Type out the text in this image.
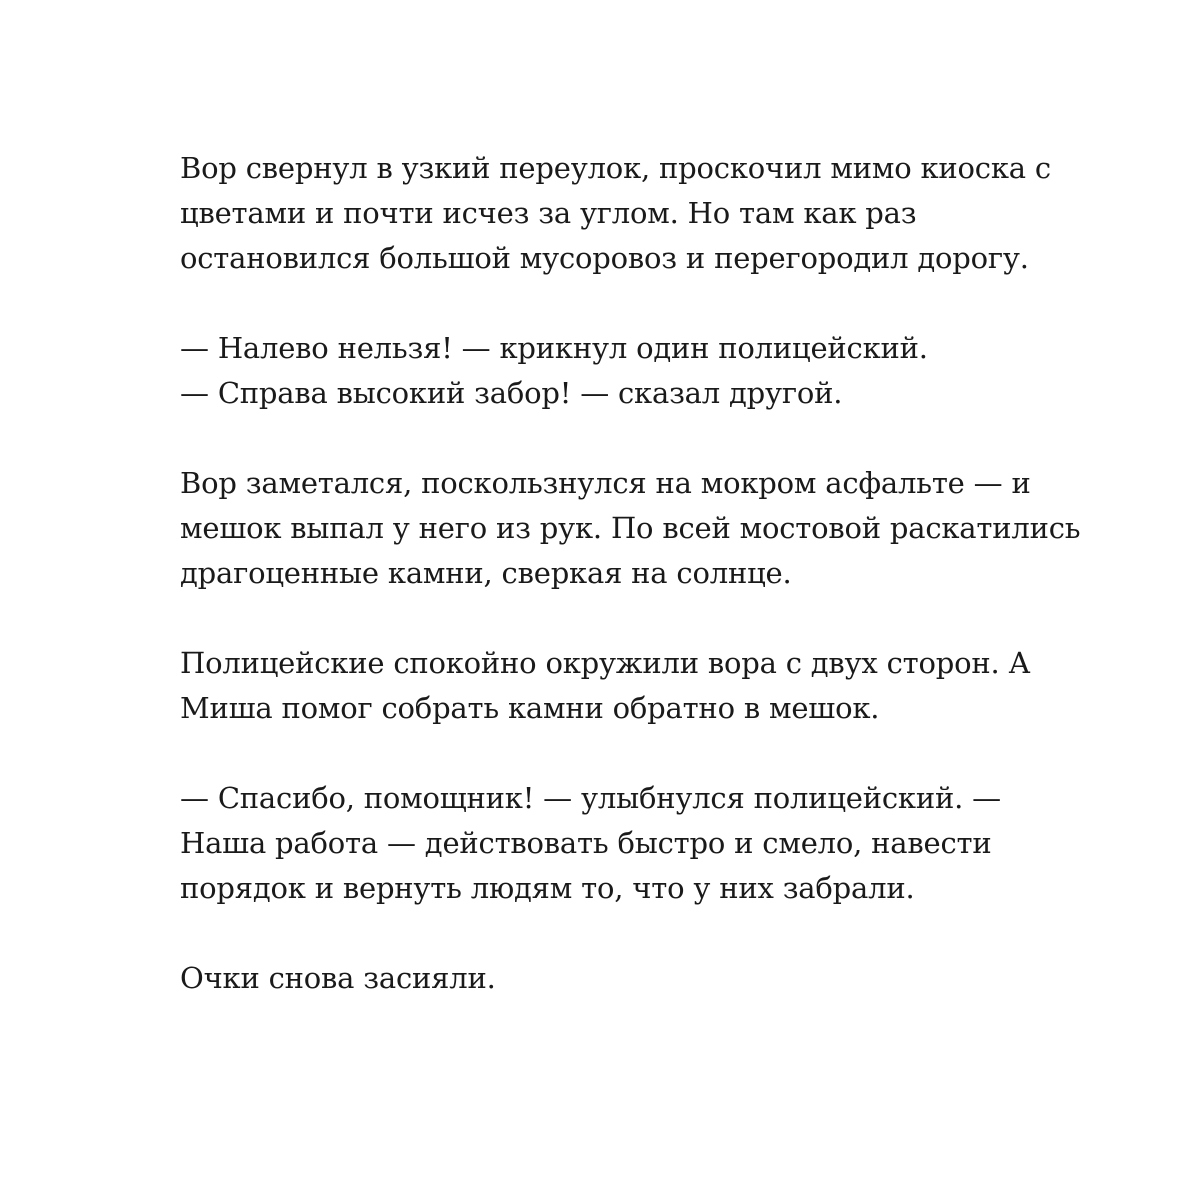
Вор свернул в узкий переулок, проскочил мимо киоска с
цветами и почти исчез за углом. Но там как раз
остановился большой мусоровоз и перегородил дорогу.

— Налево нельзя! — крикнул один полицейский.
— Справа высокий забор! — сказал другой.

Вор заметался, поскользнулся на мокром асфальте — и
мешок выпал у него из рук. По всей мостовой раскатились
драгоценные камни, сверкая на солнце.

Полицейские спокойно окружили вора с двух сторон. А
Миша помог собрать камни обратно в мешок.

— Спасибо, помощник! — улыбнулся полицейский. —
Наша работа — действовать быстро и смело, навести
порядок и вернуть людям то, что у них забрали.

Очки снова засияли.
